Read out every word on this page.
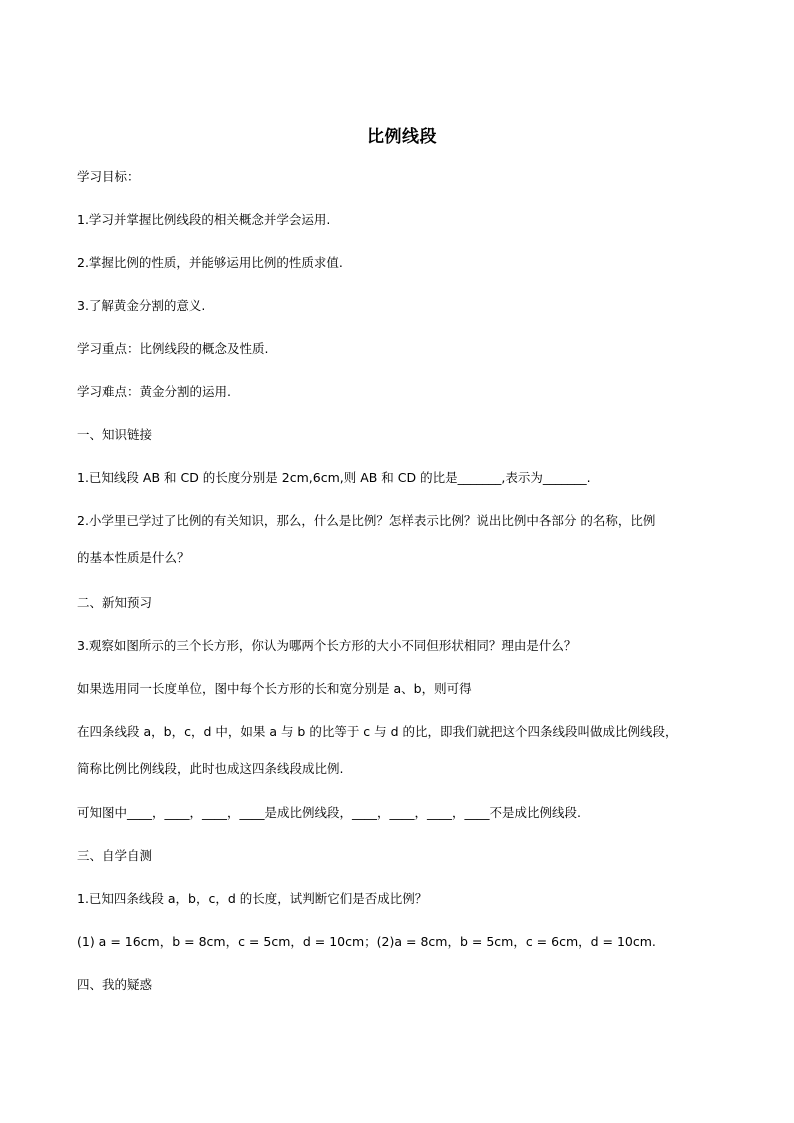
比例线段
学习目标：
1.学习并掌握比例线段的相关概念并学会运用.
2.掌握比例的性质，并能够运用比例的性质求值.
3.了解黄金分割的意义.
学习重点：比例线段的概念及性质.
学习难点：黄金分割的运用.
一、知识链接
1.已知线段 AB 和 CD 的长度分别是 2cm,6cm,则 AB 和 CD 的比是_______,表示为_______.
2.小学里已学过了比例的有关知识，那么，什么是比例？怎样表示比例？说出比例中各部分 的名称，比例
的基本性质是什么？
二、新知预习
3.观察如图所示的三个长方形，你认为哪两个长方形的大小不同但形状相同？理由是什么？
如果选用同一长度单位，图中每个长方形的长和宽分别是 a、b，则可得
在四条线段 a，b，c，d 中，如果 a 与 b 的比等于 c 与 d 的比，即我们就把这个四条线段叫做成比例线段，
简称比例比例线段，此时也成这四条线段成比例.
可知图中____，____，____，____是成比例线段，____，____，____，____不是成比例线段.
三、自学自测
1.已知四条线段 a，b，c，d 的长度，试判断它们是否成比例？
(1) a = 16cm，b = 8cm，c = 5cm，d = 10cm；(2)a = 8cm，b = 5cm，c = 6cm，d = 10cm.
四、我的疑惑
